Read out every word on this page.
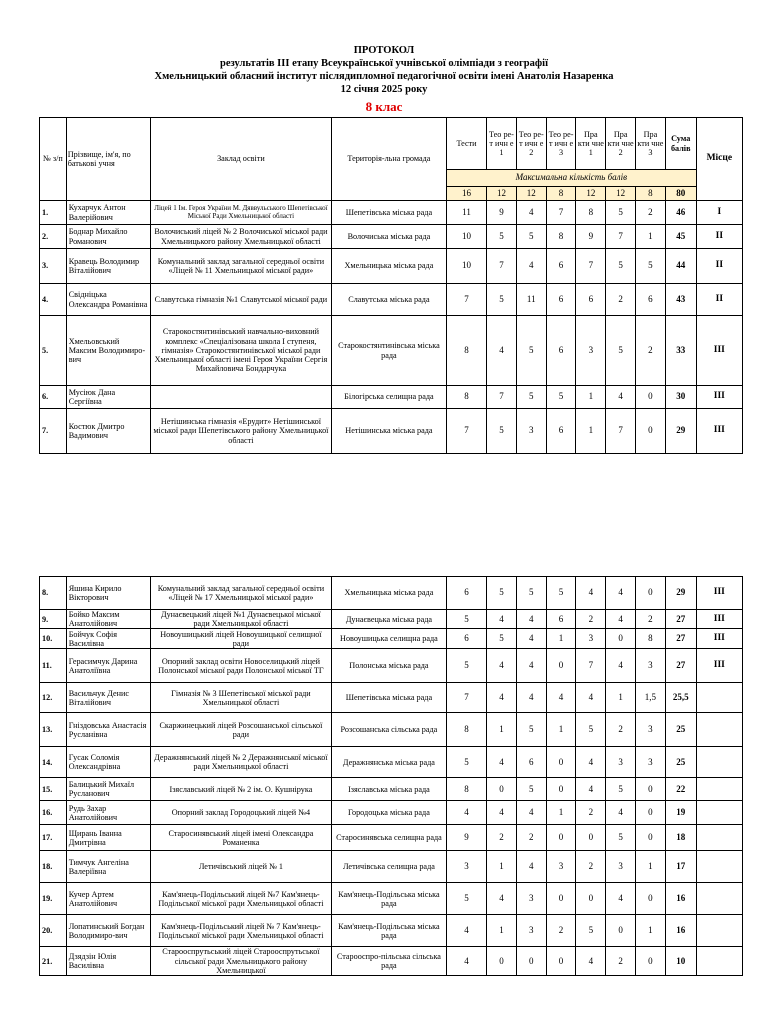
ПРОТОКОЛ
результатів ІІІ етапу Всеукраїнської учнівської олімпіади з географії
Хмельницький обласний інститут післядипломної педагогічної освіти імені Анатолія Назаренка
12 січня 2025 року
8 клас
№ з/п	Прізвище, ім'я, по батькові учня	Заклад освіти	Територія-льна громада	Тести	Тео ре-т ичн е 1	Тео ре-т ичн е 2	Тео ре-т ичн е 3	Пра кти чне 1	Пра кти чне 2	Пра кти чне 3	Сума балів	Місце
				Максимальна кількість балів								
				16	12	12	8	12	12	8	80	
1.	Кухарчук Антон Валерійович	Ліцей 1 Ім. Героя України М. Дяввульського Шепетівської Міської Ради Хмельницької області	Шепетівська міська рада	11	9	4	7	8	5	2	46	I
2.	Боднар Михайло Романович	Волочиський ліцей № 2 Волочиської міської ради Хмельницького району Хмельницької області	Волочиська міська рада	10	5	5	8	9	7	1	45	II
3.	Кравець Володимир Віталійович	Комунальний заклад загальної середньої освіти «Ліцей № 11 Хмельницької міської ради»	Хмельницька міська рада	10	7	4	6	7	5	5	44	II
4.	Свідніцька Олександра Романівна	Славутська гімназія №1 Славутської міської ради	Славутська міська рада	7	5	11	6	6	2	6	43	II
5.	Хмельовський Максим Володимиро-вич	Старокостянтинівський навчально-виховний комплекс «Спеціалізована школа І ступеня, гімназія» Старокостянтинівської міської ради Хмельницької області імені Героя України Сергія Михайловича Бондарчука	Старокостянтинівська міська рада	8	4	5	6	3	5	2	33	III
6.	Мусіюк Дана Сергіївна		Білогірська селищна рада	8	7	5	5	1	4	0	30	III
7.	Костюк Дмитро Вадимович	Нетішинська гімназія «Ерудит» Нетішинської міської ради Шепетівського району Хмельницької області	Нетішинська міська рада	7	5	3	6	1	7	0	29	III
8.	Яшина Кирило Вікторович	Комунальний заклад загальної середньої освіти «Ліцей № 17 Хмельницької міської ради»	Хмельницька міська рада	6	5	5	5	4	4	0	29	III
9.	Бойко Максим Анатолійович	Дунаєвецький ліцей №1 Дунаєвецької міської ради Хмельницької області	Дунаєвецька міська рада	5	4	4	6	2	4	2	27	III
10.	Бойчук Софія Василівна	Новоушицький ліцей Новоушицької селищної ради	Новоушицька селищна рада	6	5	4	1	3	0	8	27	III
11.	Герасимчук Дарина Анатоліївна	Опорний заклад освіти Новоселицький ліцей Полонської міської ради Полонської міської ТГ	Полонська міська рада	5	4	4	0	7	4	3	27	III
12.	Васильчук Денис Віталійович	Гімназія № 3 Шепетівської міської ради Хмельницької області	Шепетівська міська рада	7	4	4	4	4	1	1,5	25,5	
13.	Гніздовська Анастасія Русланівна	Скаржинецький ліцей Розсошанської сільської ради	Розсошанська сільська рада	8	1	5	1	5	2	3	25	
14.	Гусак Соломія Олександрівна	Деражнянський ліцей № 2 Деражнянської міської ради Хмельницької області	Деражнянська міська рада	5	4	6	0	4	3	3	25	
15.	Балицький Михаїл Русланович	Ізяславський ліцей № 2 ім. О. Кушнірука	Ізяславська міська рада	8	0	5	0	4	5	0	22	
16.	Рудь Захар Анатолійович	Опорний заклад Городоцький ліцей №4	Городоцька міська рада	4	4	4	1	2	4	0	19	
17.	Щирань Іванна Дмитрівна	Старосинявський ліцей імені Олександра Романенка	Старосинявська селищна рада	9	2	2	0	0	5	0	18	
18.	Тимчук Ангеліна Валеріївна	Летичівський ліцей № 1	Летичівська селищна рада	3	1	4	3	2	3	1	17	
19.	Кучер Артем Анатолійович	Кам'янець-Подільський ліцей №7 Кам'янець-Подільської міської ради Хмельницької області	Кам'янець-Подільська міська рада	5	4	3	0	0	4	0	16	
20.	Лопатинський Богдан Володимиро-вич	Кам'янець-Подільський ліцей № 7 Кам'янець-Подільської міської ради Хмельницької області	Кам'янець-Подільська міська рада	4	1	3	2	5	0	1	16	
21.	Дзядзін Юлія Василівна	Старооспрутьський ліцей Старооспрутьської сільської ради Хмельницького району Хмельницької	Старооспро-пільська сільська рада	4	0	0	0	4	2	0	10	
